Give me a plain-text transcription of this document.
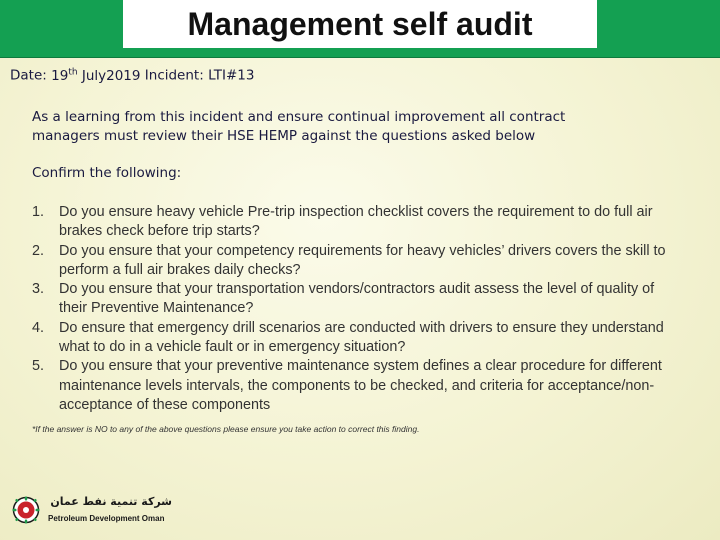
Management self audit
Date: 19th July2019 Incident: LTI#13
As a learning from this incident and ensure continual improvement all contract
managers must review their HSE HEMP against the questions asked below
Confirm the following:
1. Do you ensure heavy vehicle Pre-trip inspection checklist covers the requirement to do full air brakes check before trip starts?
2. Do you ensure that your competency requirements for heavy vehicles’ drivers covers the skill to perform a full air brakes daily checks?
3. Do you ensure that your transportation vendors/contractors audit assess the level of quality of their Preventive Maintenance?
4. Do ensure that emergency drill scenarios are conducted with drivers to ensure they understand what to do in a vehicle fault or in emergency situation?
5. Do you ensure that your preventive maintenance system defines a clear procedure for different maintenance levels intervals, the components to be checked, and criteria for acceptance/non-acceptance of these components
*If the answer is NO to any of the above questions please ensure you take action to correct this finding.
شركة تنمية نفط عمان
Petroleum Development Oman
